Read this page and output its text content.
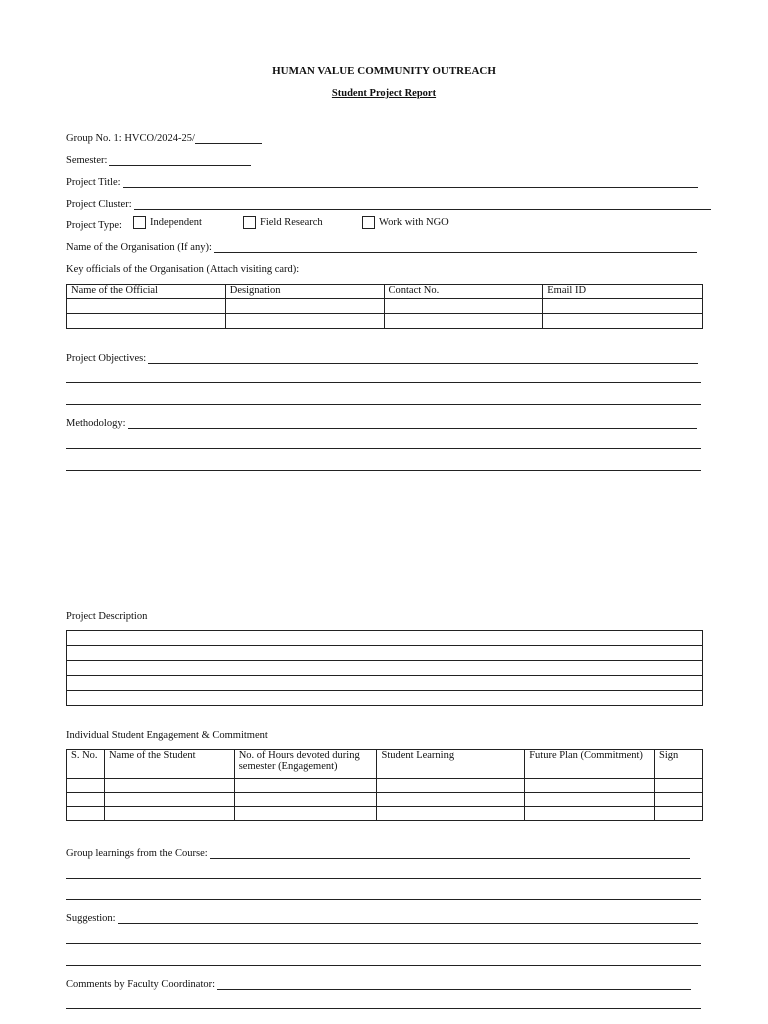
HUMAN VALUE COMMUNITY OUTREACH
Student Project Report
Group No. 1: HVCO/2024-25/
Semester:
Project Title:
Project Cluster:
Project Type:	Independent	Field Research	Work with NGO
Name of the Organisation (If any):
Key officials of the Organisation (Attach visiting card):
Name of the Official	Designation	Contact No.	Email ID

Project Objectives:
Methodology:
Project Description

Individual Student Engagement & Commitment
S. No.	Name of the Student	No. of Hours devoted during semester (Engagement)	Student Learning	Future Plan (Commitment)	Sign

Group learnings from the Course:
Suggestion:
Comments by Faculty Coordinator:
